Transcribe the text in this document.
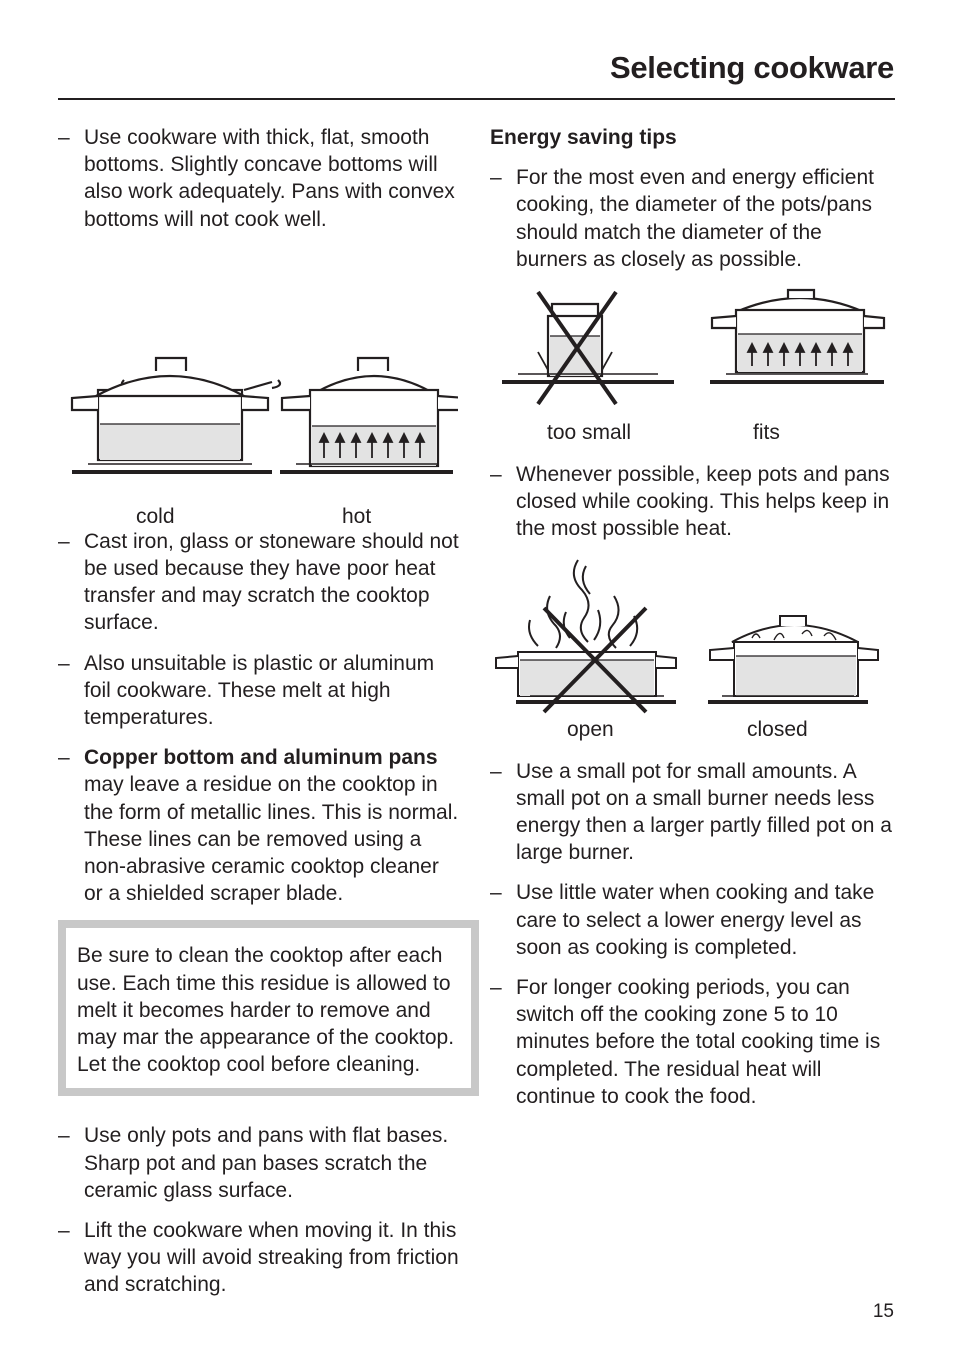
Selecting cookware
– Use cookware with thick, flat, smooth bottoms. Slightly concave bottoms will also work adequately. Pans with convex bottoms will not cook well.
cold	hot
– Cast iron, glass or stoneware should not be used because they have poor heat transfer and may scratch the cooktop surface.
– Also unsuitable is plastic or aluminum foil cookware. These melt at high temperatures.
– Copper bottom and aluminum pans may leave a residue on the cooktop in the form of metallic lines. This is normal. These lines can be removed using a non-abrasive ceramic cooktop cleaner or a shielded scraper blade.

Be sure to clean the cooktop after each use. Each time this residue is allowed to melt it becomes harder to remove and may mar the appearance of the cooktop.

Let the cooktop cool before cleaning.

– Use only pots and pans with flat bases. Sharp pot and pan bases scratch the ceramic glass surface.
– Lift the cookware when moving it. In this way you will avoid streaking from friction and scratching.
Energy saving tips
– For the most even and energy efficient cooking, the diameter of the pots/pans should match the diameter of the burners as closely as possible.
too small	fits
– Whenever possible, keep pots and pans closed while cooking. This helps keep in the most possible heat.
open	closed
– Use a small pot for small amounts. A small pot on a small burner needs less energy then a larger partly filled pot on a large burner.
– Use little water when cooking and take care to select a lower energy level as soon as cooking is completed.
– For longer cooking periods, you can switch off the cooking zone 5 to 10 minutes before the total cooking time is completed. The residual heat will continue to cook the food.
15
